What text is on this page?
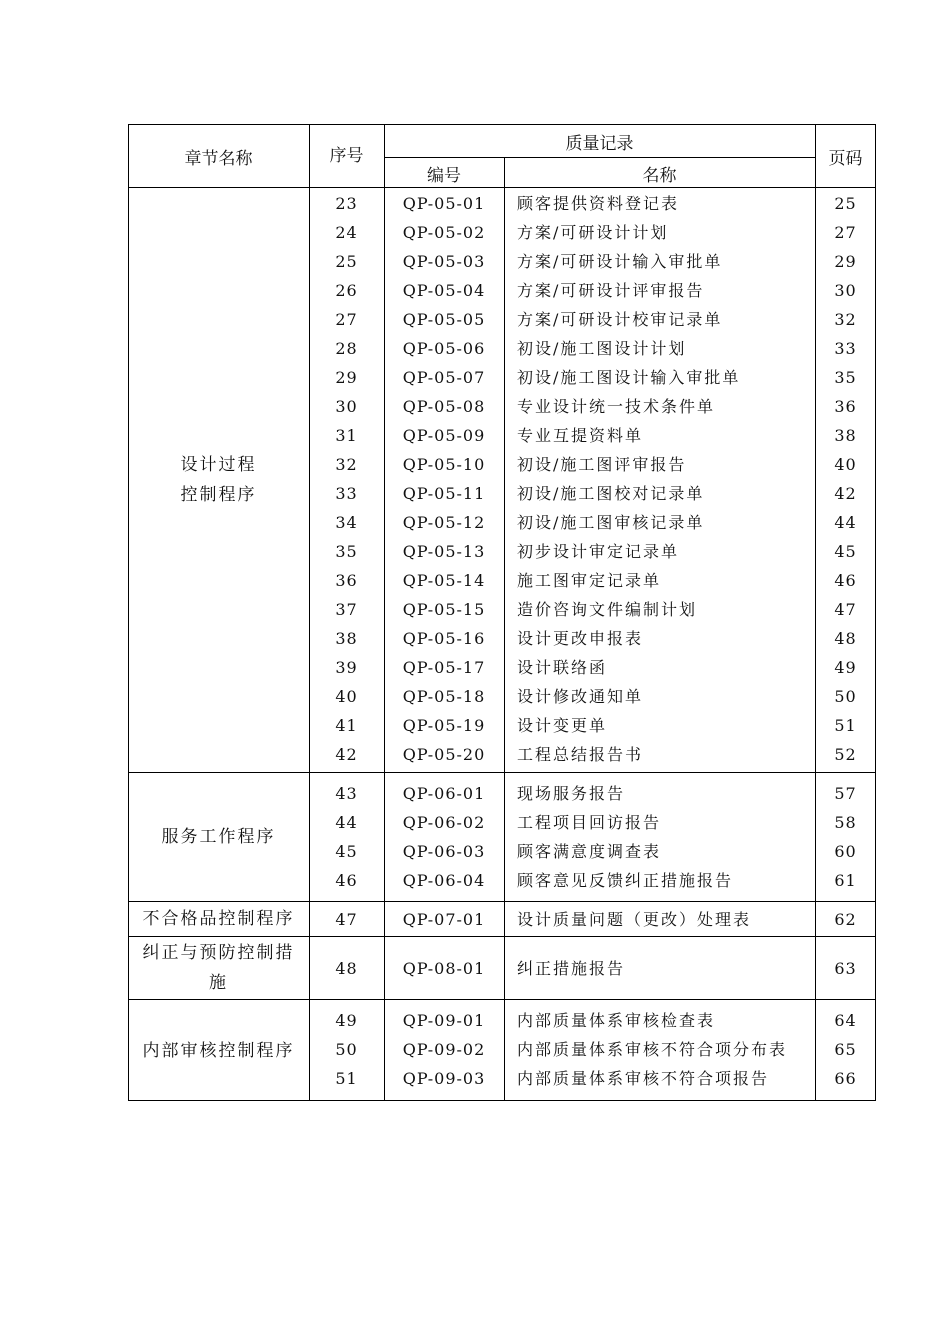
章节名称	序号
质量记录
编号	名称
页码
设计过程
控制程序
23	QP-05-01	顾客提供资料登记表	25
24	QP-05-02	方案/可研设计计划	27
25	QP-05-03	方案/可研设计输入审批单	29
26	QP-05-04	方案/可研设计评审报告	30
27	QP-05-05	方案/可研设计校审记录单	32
28	QP-05-06	初设/施工图设计计划	33
29	QP-05-07	初设/施工图设计输入审批单	35
30	QP-05-08	专业设计统一技术条件单	36
31	QP-05-09	专业互提资料单	38
32	QP-05-10	初设/施工图评审报告	40
33	QP-05-11	初设/施工图校对记录单	42
34	QP-05-12	初设/施工图审核记录单	44
35	QP-05-13	初步设计审定记录单	45
36	QP-05-14	施工图审定记录单	46
37	QP-05-15	造价咨询文件编制计划	47
38	QP-05-16	设计更改申报表	48
39	QP-05-17	设计联络函	49
40	QP-05-18	设计修改通知单	50
41	QP-05-19	设计变更单	51
42	QP-05-20	工程总结报告书	52
服务工作程序
43	QP-06-01	现场服务报告	57
44	QP-06-02	工程项目回访报告	58
45	QP-06-03	顾客满意度调查表	60
46	QP-06-04	顾客意见反馈纠正措施报告	61
不合格品控制程序	47	QP-07-01	设计质量问题（更改）处理表	62
纠正与预防控制措
施
48	QP-08-01	纠正措施报告	63
内部审核控制程序
49	QP-09-01	内部质量体系审核检查表	64
50	QP-09-02	内部质量体系审核不符合项分布表	65
51	QP-09-03	内部质量体系审核不符合项报告	66
